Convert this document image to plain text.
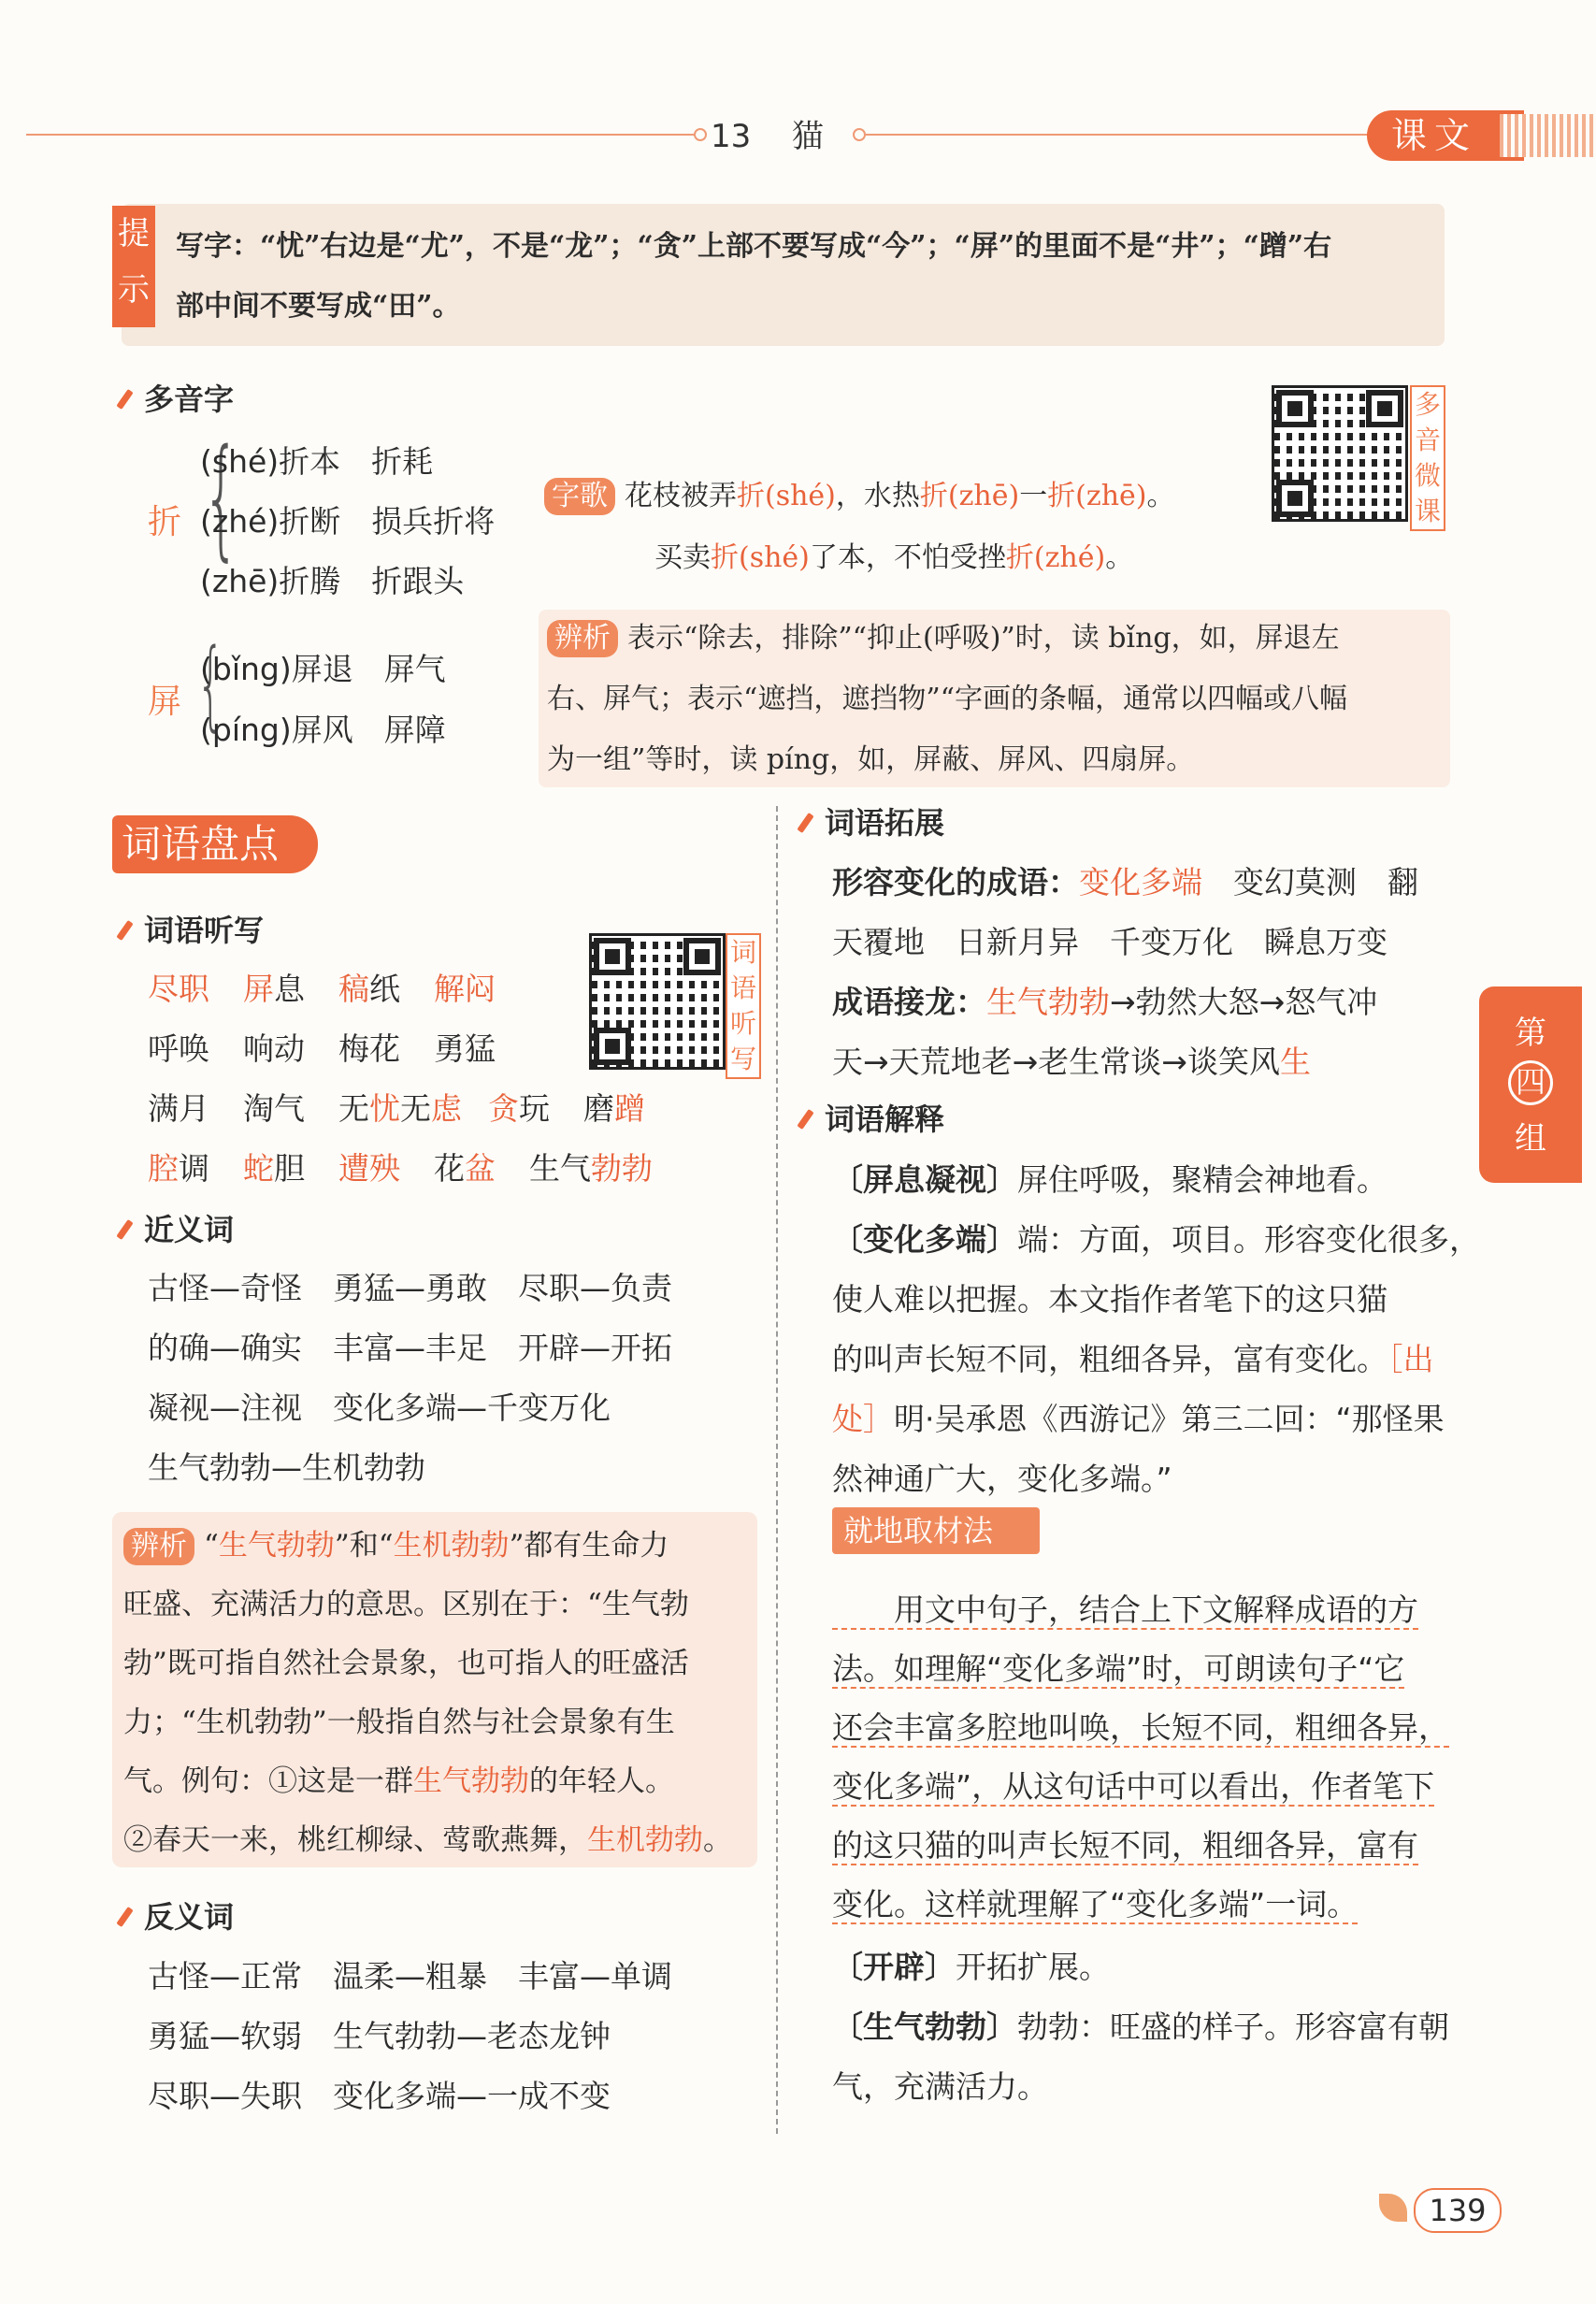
13 猫	课文
提
示
写字：“忧”右边是“尤”，不是“龙”；“贪”上部不要写成“今”；“屏”的里面不是“井”；“蹭”右
部中间不要写成“田”。
多音字
折 {
(shé)折本　折耗
(zhé)折断　损兵折将
(zhē)折腾　折跟头
屏 {
(bǐng)屏退　屏气
(píng)屏风　屏障
字歌 花枝被弄折(shé)，水热折(zhē)一折(zhē)。
买卖折(shé)了本，不怕受挫折(zhé)。
多
音
微
课
辨析 表示“除去，排除”“抑止(呼吸)”时，读 bǐng，如，屏退左
右、屏气；表示“遮挡，遮挡物”“字画的条幅，通常以四幅或八幅
为一组”等时，读 píng，如，屏蔽、屏风、四扇屏。
词语盘点
词语听写
词
语
听
写
尽职 屏息 稿纸 解闷
呼唤 响动 梅花 勇猛
满月 淘气 无忧无虑 贪玩 磨蹭
腔调 蛇胆 遭殃 花盆 生气勃勃
近义词
古怪—奇怪　勇猛—勇敢　尽职—负责
的确—确实　丰富—丰足　开辟—开拓
凝视—注视　变化多端—千变万化
生气勃勃—生机勃勃
辨析 “生气勃勃”和“生机勃勃”都有生命力
旺盛、充满活力的意思。区别在于：“生气勃
勃”既可指自然社会景象，也可指人的旺盛活
力；“生机勃勃”一般指自然与社会景象有生
气。例句：①这是一群生气勃勃的年轻人。
②春天一来，桃红柳绿、莺歌燕舞，生机勃勃。
反义词
古怪—正常　温柔—粗暴　丰富—单调
勇猛—软弱　生气勃勃—老态龙钟
尽职—失职　变化多端—一成不变
词语拓展
形容变化的成语：变化多端　变幻莫测　翻
天覆地　日新月异　千变万化　瞬息万变
成语接龙：生气勃勃→勃然大怒→怒气冲
天→天荒地老→老生常谈→谈笑风生
词语解释
〔屏息凝视〕屏住呼吸，聚精会神地看。
〔变化多端〕端：方面，项目。形容变化很多，
使人难以把握。本文指作者笔下的这只猫
的叫声长短不同，粗细各异，富有变化。［出
处］明·吴承恩《西游记》第三二回：“那怪果
然神通广大，变化多端。”
就地取材法
　　用文中句子，结合上下文解释成语的方
法。如理解“变化多端”时，可朗读句子“它
还会丰富多腔地叫唤，长短不同，粗细各异，
变化多端”，从这句话中可以看出，作者笔下
的这只猫的叫声长短不同，粗细各异，富有
变化。这样就理解了“变化多端”一词。
〔开辟〕开拓扩展。
〔生气勃勃〕勃勃：旺盛的样子。形容富有朝
气，充满活力。
第
四
组
139
